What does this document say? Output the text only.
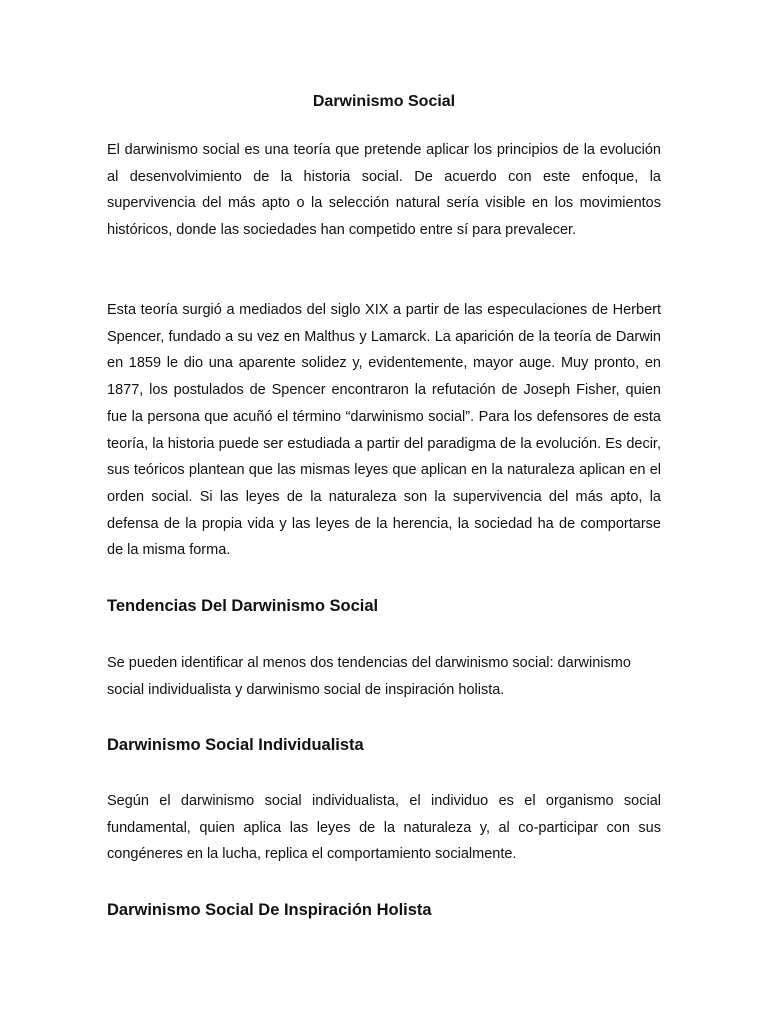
Darwinismo Social

El darwinismo social es una teoría que pretende aplicar los principios de la evolución al desenvolvimiento de la historia social. De acuerdo con este enfoque, la supervivencia del más apto o la selección natural sería visible en los movimientos históricos, donde las sociedades han competido entre sí para prevalecer.

Esta teoría surgió a mediados del siglo XIX a partir de las especulaciones de Herbert Spencer, fundado a su vez en Malthus y Lamarck. La aparición de la teoría de Darwin en 1859 le dio una aparente solidez y, evidentemente, mayor auge. Muy pronto, en 1877, los postulados de Spencer encontraron la refutación de Joseph Fisher, quien fue la persona que acuñó el término “darwinismo social”. Para los defensores de esta teoría, la historia puede ser estudiada a partir del paradigma de la evolución. Es decir, sus teóricos plantean que las mismas leyes que aplican en la naturaleza aplican en el orden social. Si las leyes de la naturaleza son la supervivencia del más apto, la defensa de la propia vida y las leyes de la herencia, la sociedad ha de comportarse de la misma forma.

Tendencias Del Darwinismo Social

Se pueden identificar al menos dos tendencias del darwinismo social: darwinismo social individualista y darwinismo social de inspiración holista.

Darwinismo Social Individualista

Según el darwinismo social individualista, el individuo es el organismo social fundamental, quien aplica las leyes de la naturaleza y, al co-participar con sus congéneres en la lucha, replica el comportamiento socialmente.

Darwinismo Social De Inspiración Holista
